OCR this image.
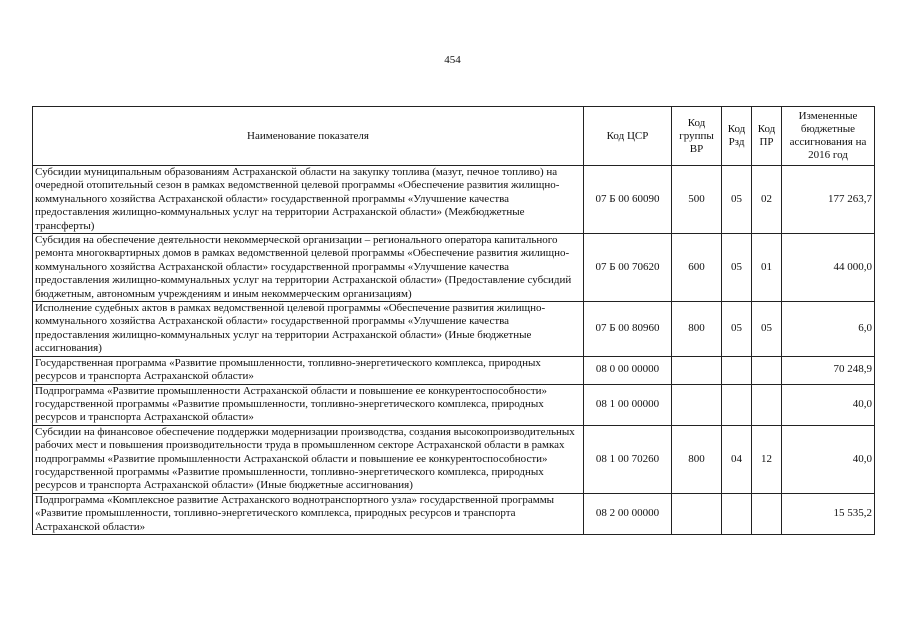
454
Наименование показателя	Код ЦСР	Код группы ВР	Код Рзд	Код ПР	Измененные бюджетные ассигнования на 2016 год
Субсидии муниципальным образованиям Астраханской области на закупку топлива (мазут, печное топливо) на очередной отопительный сезон в рамках ведомственной целевой программы «Обеспечение развития жилищно-коммунального хозяйства Астраханской области» государственной программы «Улучшение качества предоставления жилищно-коммунальных услуг на территории Астраханской области» (Межбюджетные трансферты)	07 Б 00 60090	500	05	02	177 263,7
Субсидия на обеспечение деятельности некоммерческой организации – регионального оператора капитального ремонта многоквартирных домов в рамках ведомственной целевой программы «Обеспечение развития жилищно-коммунального хозяйства Астраханской области» государственной программы «Улучшение качества предоставления жилищно-коммунальных услуг на территории Астраханской области» (Предоставление субсидий бюджетным, автономным учреждениям и иным некоммерческим организациям)	07 Б 00 70620	600	05	01	44 000,0
Исполнение судебных актов в рамках ведомственной целевой программы «Обеспечение развития жилищно-коммунального хозяйства Астраханской области» государственной программы «Улучшение качества предоставления жилищно-коммунальных услуг на территории Астраханской области» (Иные бюджетные ассигнования)	07 Б 00 80960	800	05	05	6,0
Государственная программа «Развитие промышленности, топливно-энергетического комплекса, природных ресурсов и транспорта Астраханской области»	08 0 00 00000				70 248,9
Подпрограмма «Развитие промышленности Астраханской области и повышение ее конкурентоспособности» государственной программы «Развитие промышленности, топливно-энергетического комплекса, природных ресурсов и транспорта Астраханской области»	08 1 00 00000				40,0
Субсидии на финансовое обеспечение поддержки модернизации производства, создания высокопроизводительных рабочих мест и повышения производительности труда в промышленном секторе Астраханской области в рамках подпрограммы «Развитие промышленности Астраханской области и повышение ее конкурентоспособности» государственной программы «Развитие промышленности, топливно-энергетического комплекса, природных ресурсов и транспорта Астраханской области» (Иные бюджетные ассигнования)	08 1 00 70260	800	04	12	40,0
Подпрограмма «Комплексное развитие Астраханского воднотранспортного узла» государственной программы «Развитие промышленности, топливно-энергетического комплекса, природных ресурсов и транспорта Астраханской области»	08 2 00 00000				15 535,2
